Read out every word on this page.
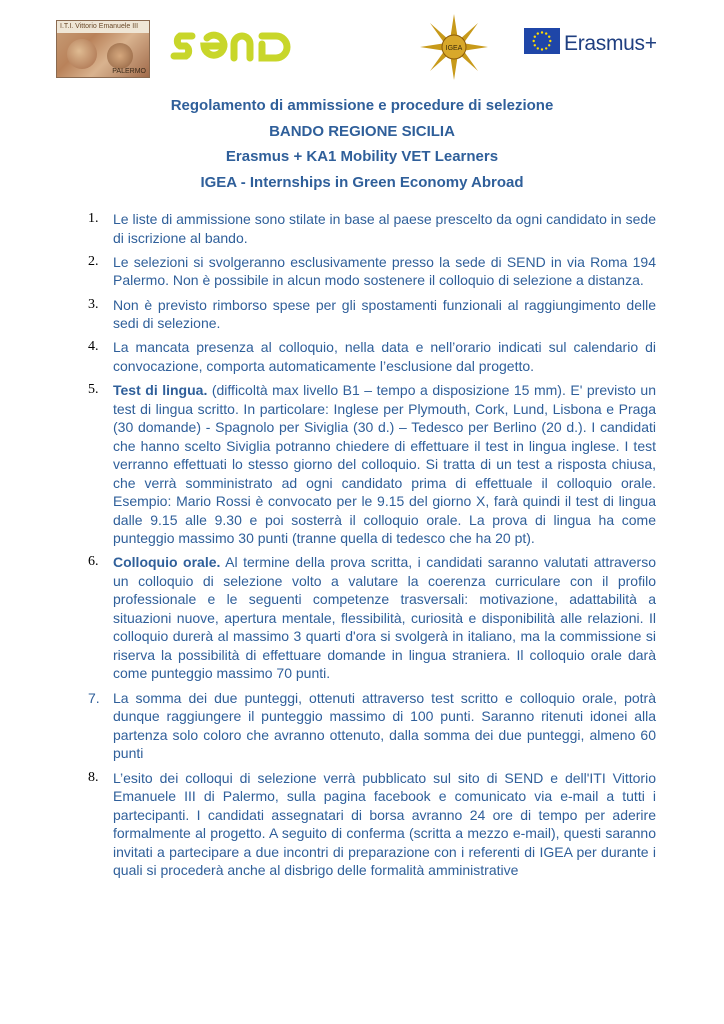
I.T.I. Vittorio Emanuele III
PALERMO
IGEA	Erasmus+
Regolamento di ammissione e procedure di selezione
BANDO REGIONE SICILIA
Erasmus + KA1 Mobility VET Learners
IGEA - Internships in Green Economy Abroad
1.	Le liste di ammissione sono stilate in base al paese prescelto da ogni candidato in sede di iscrizione al bando.
2.	Le selezioni si svolgeranno esclusivamente presso la sede di SEND in via Roma 194 Palermo. Non è possibile in alcun modo sostenere il colloquio di selezione a distanza.
3.	Non è previsto rimborso spese per gli spostamenti funzionali al raggiungimento delle sedi di selezione.
4.	La mancata presenza al colloquio, nella data e nell’orario indicati sul calendario di convocazione, comporta automaticamente l’esclusione dal progetto.
5.	Test di lingua. (difficoltà max livello B1 – tempo a disposizione 15 mm). E' previsto un test di lingua scritto. In particolare: Inglese per Plymouth, Cork, Lund, Lisbona e Praga (30 domande) - Spagnolo per Siviglia (30 d.) – Tedesco per Berlino (20 d.). I candidati che hanno scelto Siviglia potranno chiedere di effettuare il test in lingua inglese. I test verranno effettuati lo stesso giorno del colloquio. Si tratta di un test a risposta chiusa, che verrà somministrato ad ogni candidato prima di effettuale il colloquio orale. Esempio: Mario Rossi è convocato per le 9.15 del giorno X, farà quindi il test di lingua dalle 9.15 alle 9.30 e poi sosterrà il colloquio orale. La prova di lingua ha come punteggio massimo 30 punti (tranne quella di tedesco che ha 20 pt).
6.	Colloquio orale. Al termine della prova scritta, i candidati saranno valutati attraverso un colloquio di selezione volto a valutare la coerenza curriculare con il profilo professionale e le seguenti competenze trasversali: motivazione, adattabilità a situazioni nuove, apertura mentale, flessibilità, curiosità e disponibilità alle relazioni. Il colloquio durerà al massimo 3 quarti d'ora si svolgerà in italiano, ma la commissione si riserva la possibilità di effettuare domande in lingua straniera. Il colloquio orale darà come punteggio massimo 70 punti.
7. La somma dei due punteggi, ottenuti attraverso test scritto e colloquio orale, potrà dunque raggiungere il punteggio massimo di 100 punti. Saranno ritenuti idonei alla partenza solo coloro che avranno ottenuto, dalla somma dei due punteggi, almeno 60 punti
8.	L’esito dei colloqui di selezione verrà pubblicato sul sito di SEND e dell'ITI Vittorio Emanuele III di Palermo, sulla pagina facebook e comunicato via e-mail a tutti i partecipanti. I candidati assegnatari di borsa avranno 24 ore di tempo per aderire formalmente al progetto. A seguito di conferma (scritta a mezzo e-mail), questi saranno invitati a partecipare a due incontri di preparazione con i referenti di IGEA per durante i quali si procederà anche al disbrigo delle formalità amministrative
